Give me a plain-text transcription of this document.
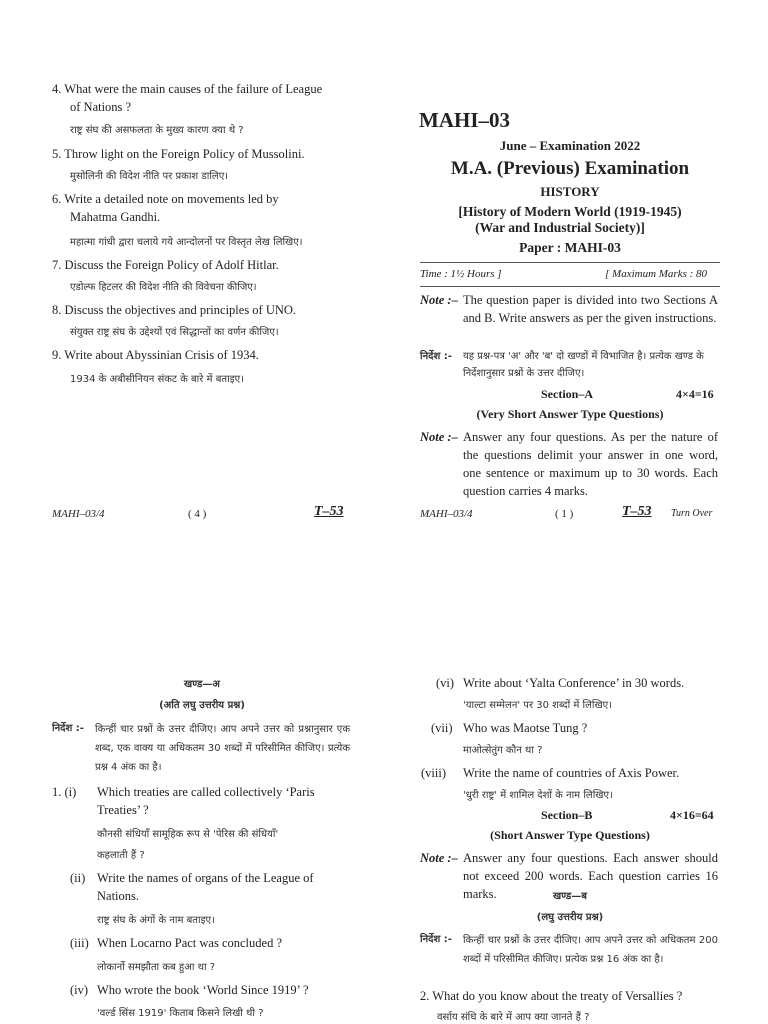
4. What were the main causes of the failure of League
of Nations ?
राष्ट्र संघ की असफलता के मुख्य कारण क्या थे ?
5. Throw light on the Foreign Policy of Mussolini.
मुसोलिनी की विदेश नीति पर प्रकाश डालिए।
6. Write a detailed note on movements led by
Mahatma Gandhi.
महात्मा गांधी द्वारा चलाये गये आन्दोलनों पर विस्तृत लेख लिखिए।
7. Discuss the Foreign Policy of Adolf Hitlar.
एडोल्फ हिटलर की विदेश नीति की विवेचना कीजिए।
8. Discuss the objectives and principles of UNO.
संयुक्त राष्ट्र संघ के उद्देश्यों एवं सिद्धान्तों का वर्णन कीजिए।
9. Write about Abyssinian Crisis of 1934.
1934 के अबीसीनियन संकट के बारे में बताइए।
MAHI–03/4	( 4 )	T–53
MAHI–03
June – Examination 2022
M.A. (Previous) Examination
HISTORY
[History of Modern World (1919-1945)
(War and Industrial Society)]
Paper : MAHI-03
Time : 1½ Hours ]	[ Maximum Marks : 80
Note :– The question paper is divided into two Sections A and B. Write answers as per the given instructions.
निर्देश :- यह प्रश्न-पत्र 'अ' और 'ब' दो खण्डों में विभाजित है। प्रत्येक खण्ड के निर्देशानुसार प्रश्नों के उत्तर दीजिए।
Section–A	4×4=16
(Very Short Answer Type Questions)
Note :– Answer any four questions. As per the nature of the questions delimit your answer in one word, one sentence or maximum up to 30 words. Each question carries 4 marks.
MAHI–03/4	( 1 )	T–53 Turn Over
खण्ड—अ
(अति लघु उत्तरीय प्रश्न)
निर्देश :- किन्हीं चार प्रश्नों के उत्तर दीजिए। आप अपने उत्तर को प्रश्नानुसार एक शब्द, एक वाक्य या अधिकतम 30 शब्दों में परिसीमित कीजिए। प्रत्येक प्रश्न 4 अंक का है।
1. (i) Which treaties are called collectively ‘Paris
Treaties’ ?
कौनसी संधियाँ सामूहिक रूप से 'पेरिस की संधियाँ'
कहलाती हैं ?
(ii) Write the names of organs of the League of
Nations.
राष्ट्र संघ के अंगों के नाम बताइए।
(iii) When Locarno Pact was concluded ?
लोकार्नो समझौता कब हुआ था ?
(iv) Who wrote the book ‘World Since 1919’ ?
'वर्ल्ड सिंस 1919' किताब किसने लिखी थी ?
(vi) Write about ‘Yalta Conference’ in 30 words.
'याल्टा सम्मेलन' पर 30 शब्दों में लिखिए।
(vii) Who was Maotse Tung ?
माओत्सेतुंग कौन था ?
(viii) Write the name of countries of Axis Power.
'धुरी राष्ट्र' में शामिल देशों के नाम लिखिए।
Section–B	4×16=64
(Short Answer Type Questions)
Note :– Answer any four questions. Each answer should not exceed 200 words. Each question carries 16 marks.	खण्ड—ब
(लघु उत्तरीय प्रश्न)
निर्देश :- किन्हीं चार प्रश्नों के उत्तर दीजिए। आप अपने उत्तर को अधिकतम 200 शब्दों में परिसीमित कीजिए। प्रत्येक प्रश्न 16 अंक का है।
2. What do you know about the treaty of Versallies ?
वर्साय संधि के बारे में आप क्या जानते हैं ?
